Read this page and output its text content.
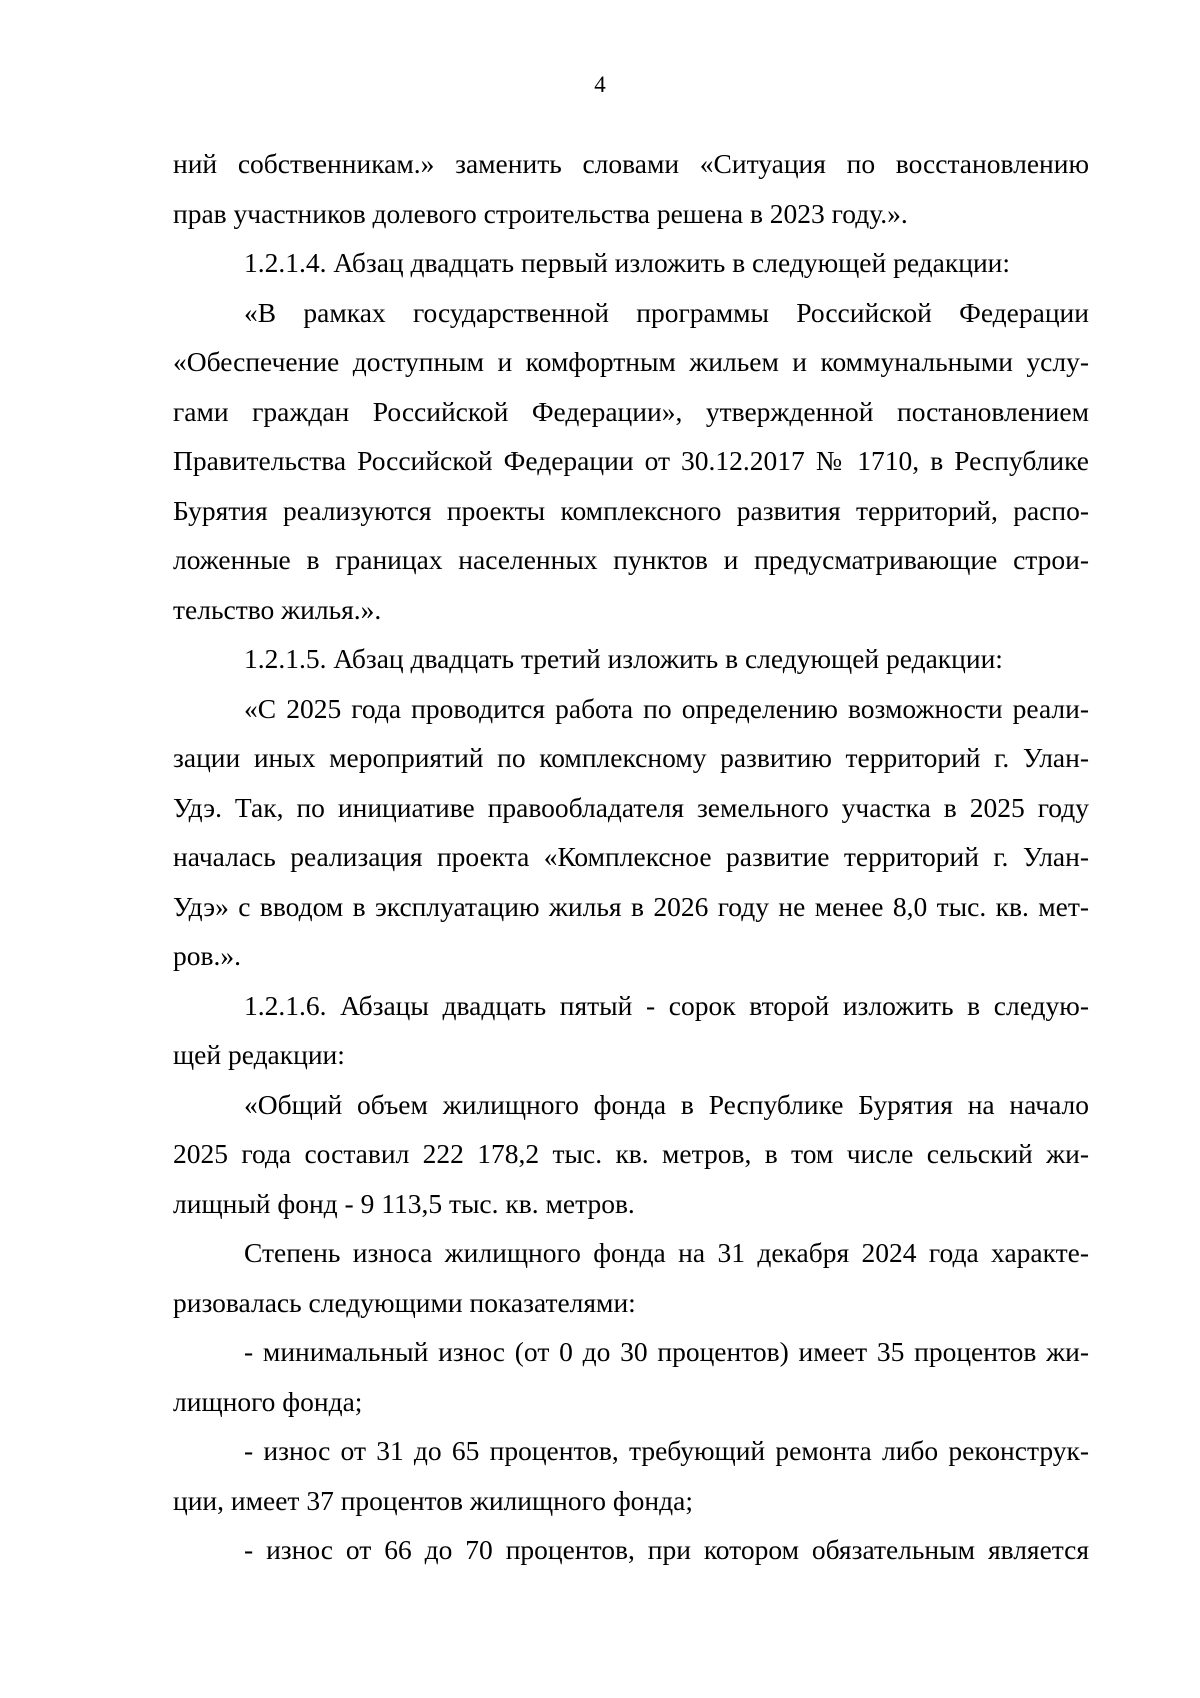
4
ний собственникам.» заменить словами «Ситуация по восстановлению
прав участников долевого строительства решена в 2023 году.».
1.2.1.4. Абзац двадцать первый изложить в следующей редакции:
«В рамках государственной программы Российской Федерации
«Обеспечение доступным и комфортным жильем и коммунальными услу-
гами граждан Российской Федерации», утвержденной постановлением
Правительства Российской Федерации от 30.12.2017 № 1710, в Республике
Бурятия реализуются проекты комплексного развития территорий, распо-
ложенные в границах населенных пунктов и предусматривающие строи-
тельство жилья.».
1.2.1.5. Абзац двадцать третий изложить в следующей редакции:
«С 2025 года проводится работа по определению возможности реали-
зации иных мероприятий по комплексному развитию территорий г. Улан-
Удэ. Так, по инициативе правообладателя земельного участка в 2025 году
началась реализация проекта «Комплексное развитие территорий г. Улан-
Удэ» с вводом в эксплуатацию жилья в 2026 году не менее 8,0 тыс. кв. мет-
ров.».
1.2.1.6. Абзацы двадцать пятый - сорок второй изложить в следую-
щей редакции:
«Общий объем жилищного фонда в Республике Бурятия на начало
2025 года составил 222 178,2 тыс. кв. метров, в том числе сельский жи-
лищный фонд - 9 113,5 тыс. кв. метров.
Степень износа жилищного фонда на 31 декабря 2024 года характе-
ризовалась следующими показателями:
- минимальный износ (от 0 до 30 процентов) имеет 35 процентов жи-
лищного фонда;
- износ от 31 до 65 процентов, требующий ремонта либо реконструк-
ции, имеет 37 процентов жилищного фонда;
- износ от 66 до 70 процентов, при котором обязательным является
